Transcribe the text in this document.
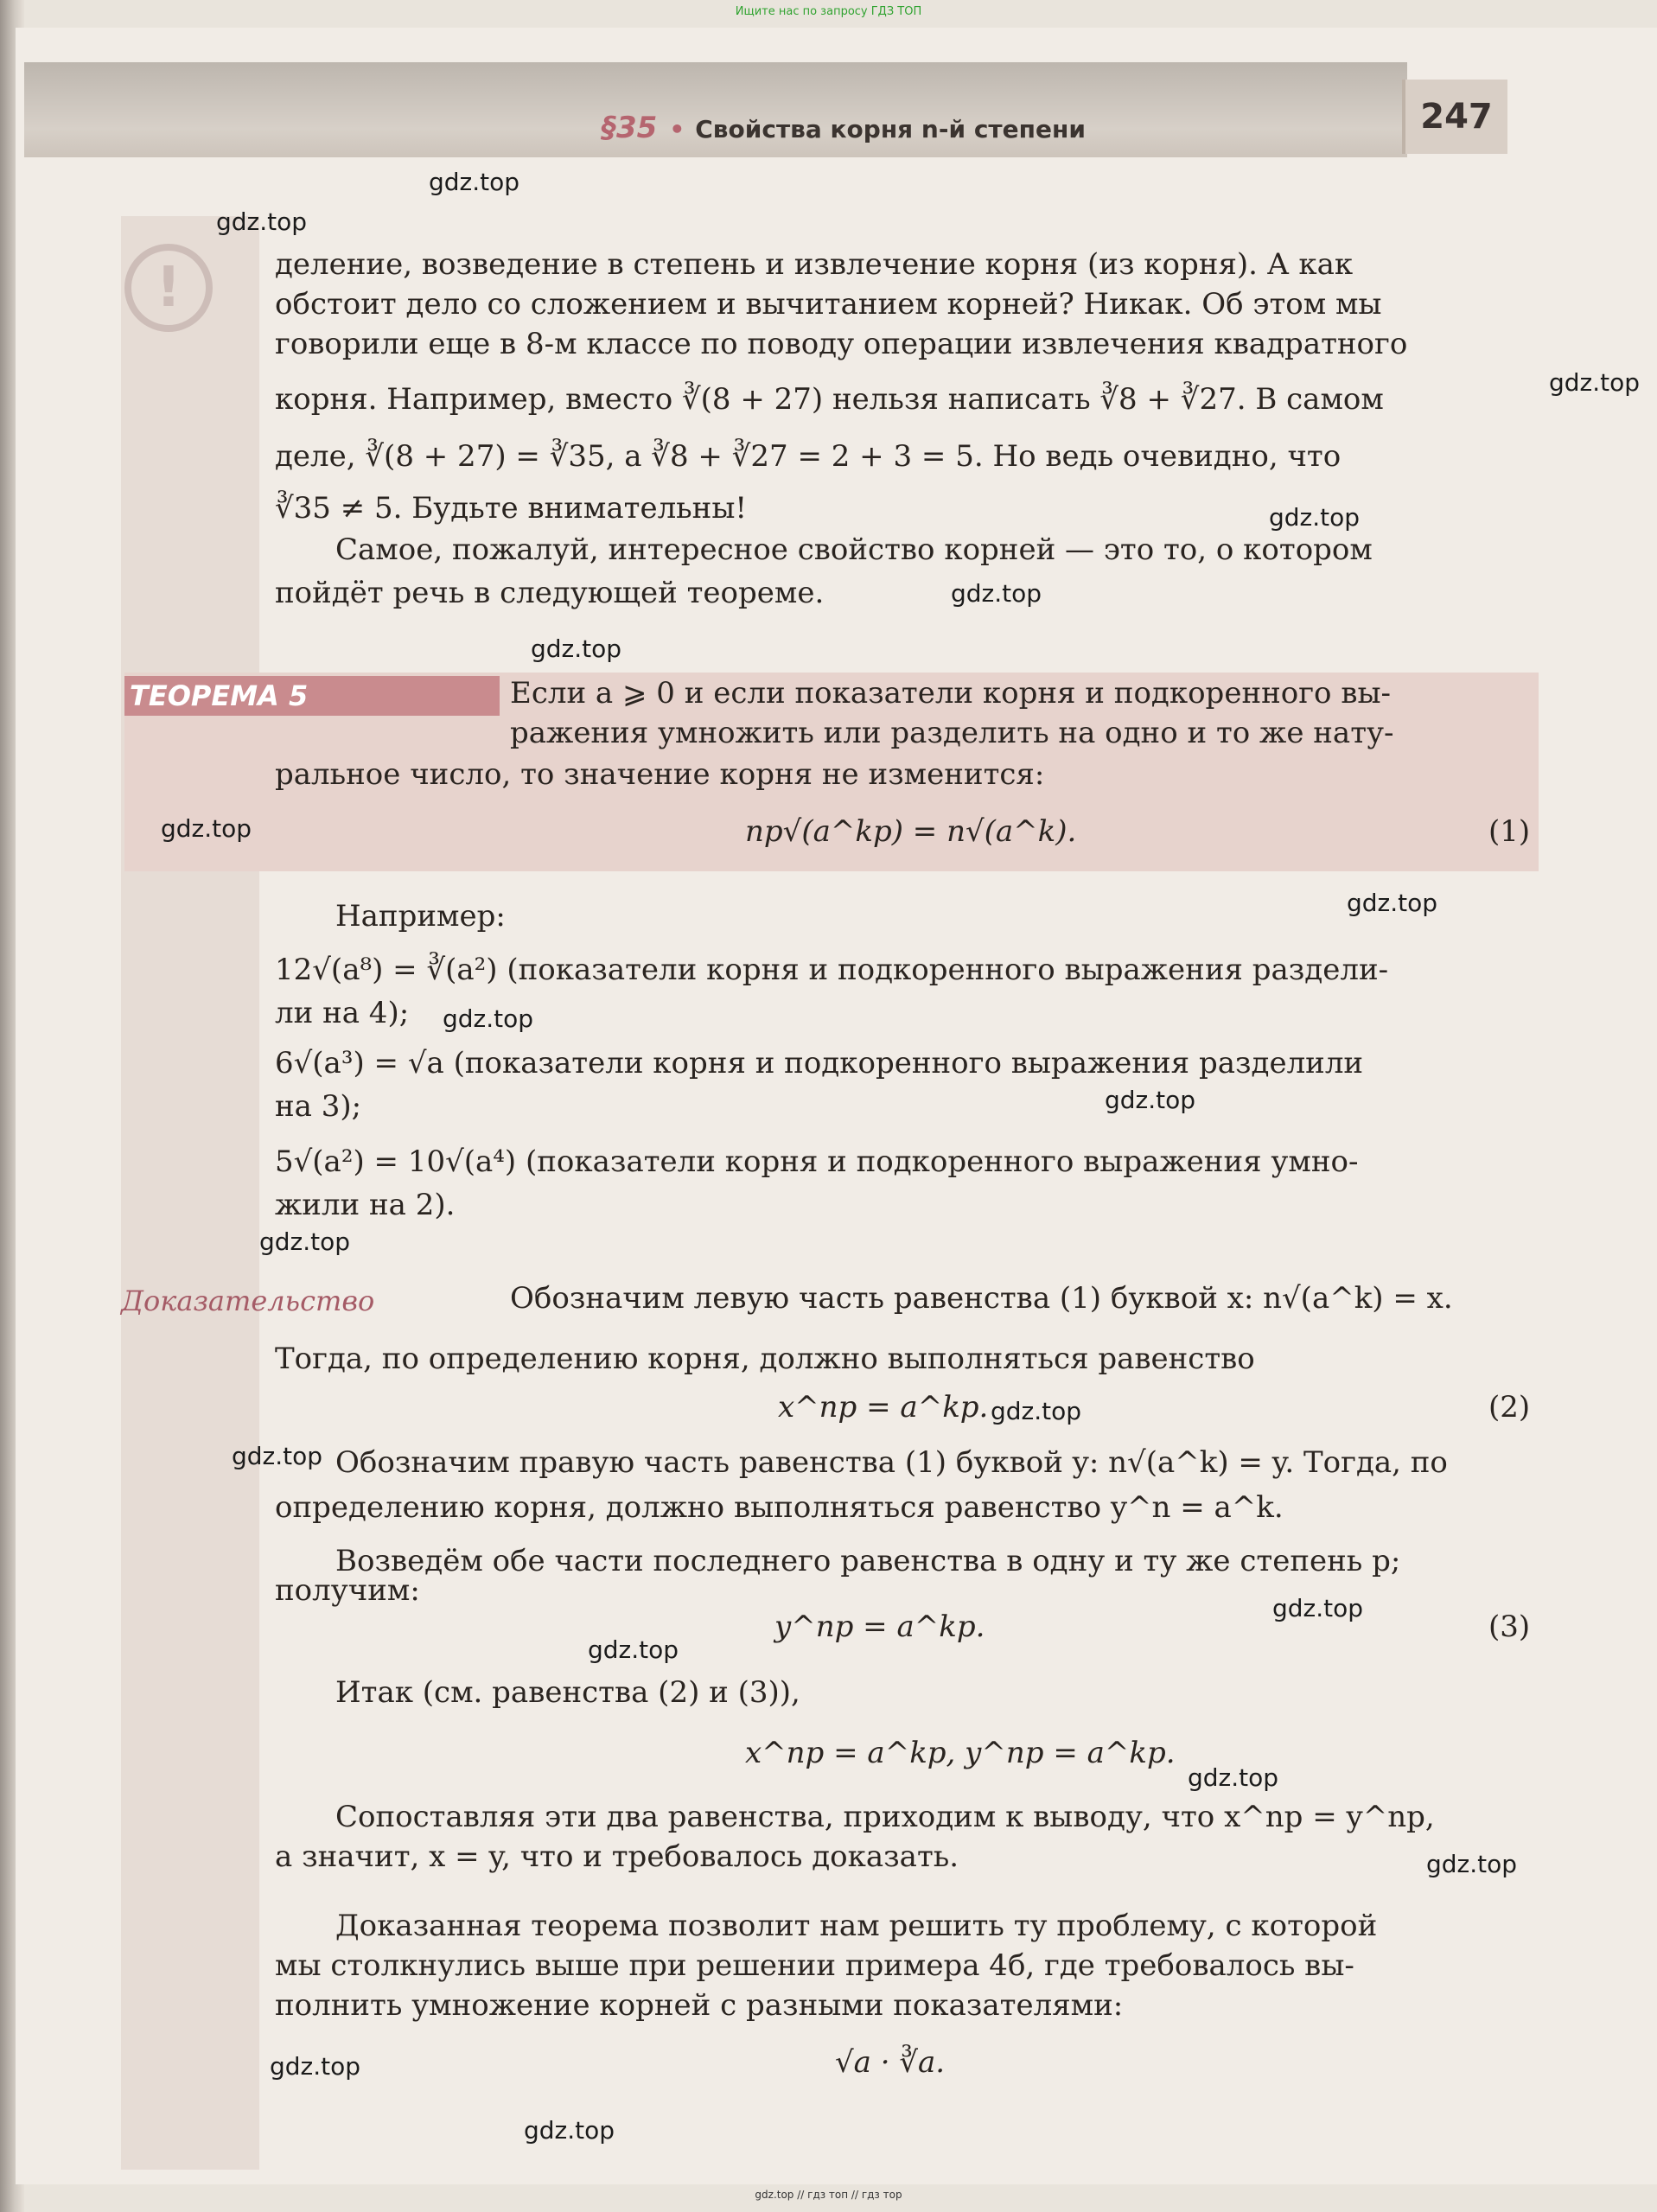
Ищите нас по запросу ГДЗ ТОП
§35 • Свойства корня n-й степени	247
!	деление, возведение в степень и извлечение корня (из корня). А как
обстоит дело со сложением и вычитанием корней? Никак. Об этом мы
говорили еще в 8-м классе по поводу операции извлечения квадратного
корня. Например, вместо ∛(8 + 27) нельзя написать ∛8 + ∛27. В самом
деле, ∛(8 + 27) = ∛35, а ∛8 + ∛27 = 2 + 3 = 5. Но ведь очевидно, что
∛35 ≠ 5. Будьте внимательны!
Самое, пожалуй, интересное свойство корней — это то, о котором
пойдёт речь в следующей теореме.
ТЕОРЕМА 5	Если a ⩾ 0 и если показатели корня и подкоренного вы-
ражения умножить или разделить на одно и то же нату-
ральное число, то значение корня не изменится:
np√(a^kp) = n√(a^k).	(1)
Например:
12√(a⁸) = ∛(a²) (показатели корня и подкоренного выражения раздели-
ли на 4);
6√(a³) = √a (показатели корня и подкоренного выражения разделили
на 3);
5√(a²) = 10√(a⁴) (показатели корня и подкоренного выражения умно-
жили на 2).
Доказательство	Обозначим левую часть равенства (1) буквой x: n√(a^k) = x.
Тогда, по определению корня, должно выполняться равенство
x^np = a^kp.	(2)
Обозначим правую часть равенства (1) буквой y: n√(a^k) = y. Тогда, по
определению корня, должно выполняться равенство y^n = a^k.
Возведём обе части последнего равенства в одну и ту же степень p;
получим:
y^np = a^kp.	(3)
Итак (см. равенства (2) и (3)),
x^np = a^kp, y^np = a^kp.
Сопоставляя эти два равенства, приходим к выводу, что x^np = y^np,
а значит, x = y, что и требовалось доказать.
Доказанная теорема позволит нам решить ту проблему, с которой
мы столкнулись выше при решении примера 4б, где требовалось вы-
полнить умножение корней с разными показателями:
√a · ∛a.
gdz.top
gdz.top
gdz.top
gdz.top
gdz.top
gdz.top
gdz.top
gdz.top
gdz.top
gdz.top
gdz.top
gdz.top
gdz.top
gdz.top
gdz.top
gdz.top
gdz.top
gdz.top
gdz.top
gdz.top // гдз топ // гдз тор
